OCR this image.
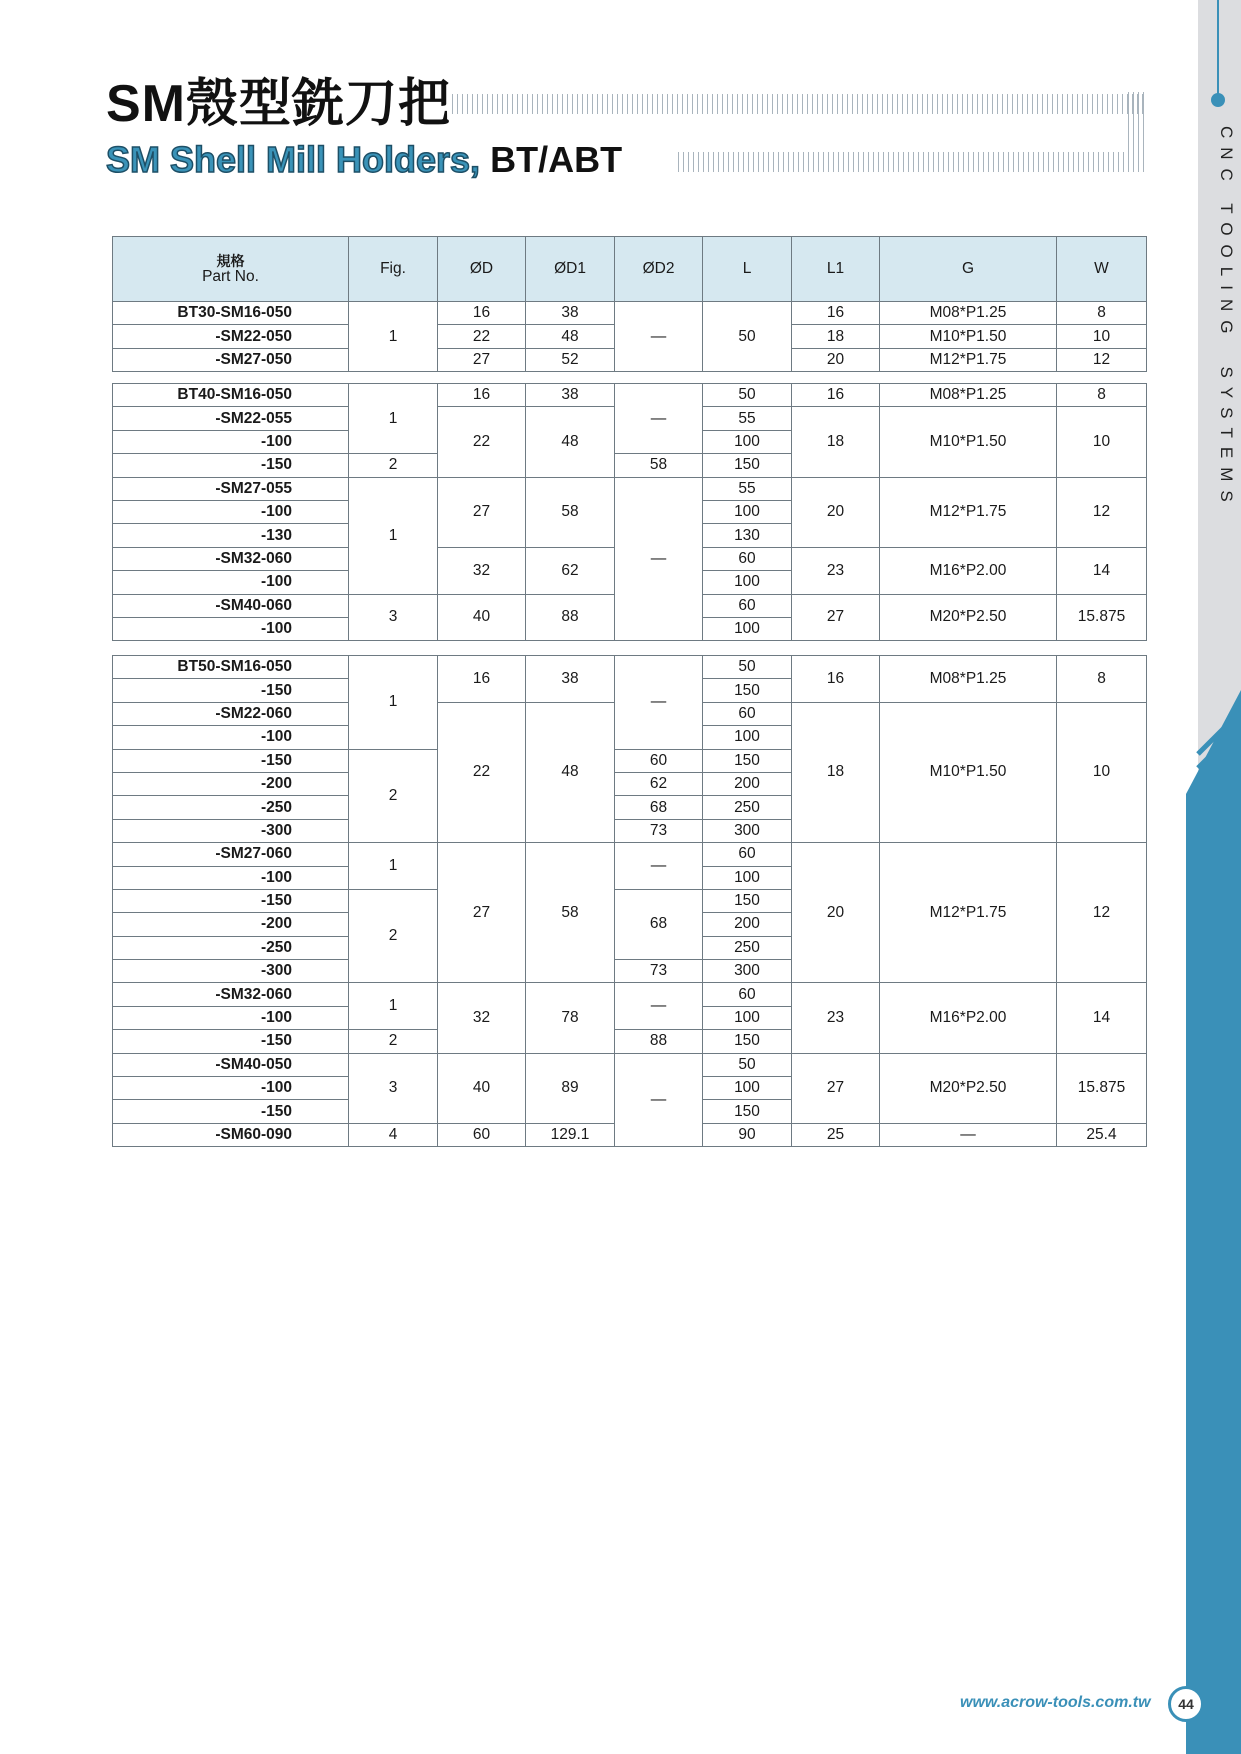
SM殼型銑刀把
SM Shell Mill Holders, BT/ABT	CNC TOOLINGSYSTEMS
規格
Part No.	Fig.	ØD	ØD1	ØD2	L	L1	G	W
BT30-SM16-050	1	16	38	—	50	16	M08*P1.25	8
-SM22-050		22	48			18	M10*P1.50	10
-SM27-050		27	52			20	M12*P1.75	12
BT40-SM16-050	1	16	38	—	50	16	M08*P1.25	8
-SM22-055		22	48		55	18	M10*P1.50	10
-100					100			
-150	2			58	150			
-SM27-055	1	27	58	—	55	20	M12*P1.75	12
-100					100			
-130					130			
-SM32-060		32	62		60	23	M16*P2.00	14
-100					100			
-SM40-060	3	40	88		60	27	M20*P2.50	15.875
-100					100			
BT50-SM16-050	1	16	38	—	50	16	M08*P1.25	8
-150					150			
-SM22-060		22	48		60	18	M10*P1.50	10
-100					100			
-150	2			60	150			
-200				62	200			
-250				68	250			
-300				73	300			
-SM27-060	1	27	58	—	60	20	M12*P1.75	12
-100					100			
-150	2			68	150			
-200					200			
-250					250			
-300				73	300			
-SM32-060	1	32	78	—	60	23	M16*P2.00	14
-100					100			
-150	2			88	150			
-SM40-050	3	40	89	—	50	27	M20*P2.50	15.875
-100					100			
-150					150			
-SM60-090	4	60	129.1		90	25	—	25.4
www.acrow-tools.com.tw	44
